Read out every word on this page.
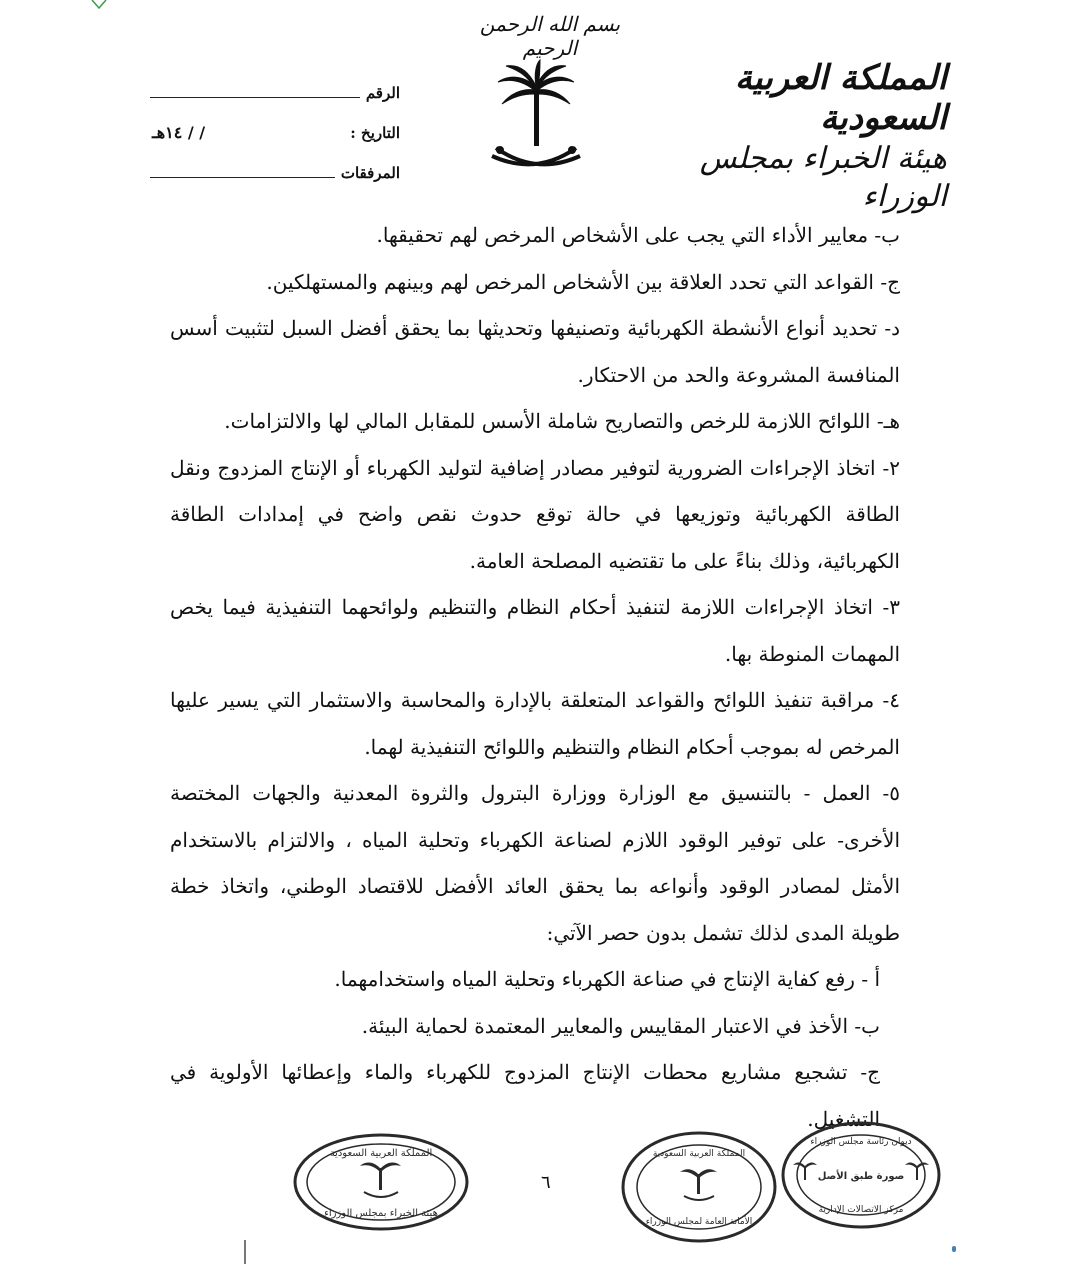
بسم الله الرحمن الرحيم
المملكة العربية السعودية
هيئة الخبراء بمجلس الوزراء
الرقم
التاريخ :
/ / ١٤هـ
المرفقات

ب- معايير الأداء التي يجب على الأشخاص المرخص لهم تحقيقها.

ج- القواعد التي تحدد العلاقة بين الأشخاص المرخص لهم وبينهم والمستهلكين.

د- تحديد أنواع الأنشطة الكهربائية وتصنيفها وتحديثها بما يحقق أفضل السبل لتثبيت أسس المنافسة المشروعة والحد من الاحتكار.

هـ- اللوائح اللازمة للرخص والتصاريح شاملة الأسس للمقابل المالي لها والالتزامات.

٢- اتخاذ الإجراءات الضرورية لتوفير مصادر إضافية لتوليد الكهرباء أو الإنتاج المزدوج ونقل الطاقة الكهربائية وتوزيعها في حالة توقع حدوث نقص واضح في إمدادات الطاقة الكهربائية، وذلك بناءً على ما تقتضيه المصلحة العامة.

٣- اتخاذ الإجراءات اللازمة لتنفيذ أحكام النظام والتنظيم ولوائحهما التنفيذية فيما يخص المهمات المنوطة بها.

٤- مراقبة تنفيذ اللوائح والقواعد المتعلقة بالإدارة والمحاسبة والاستثمار التي يسير عليها المرخص له بموجب أحكام النظام والتنظيم واللوائح التنفيذية لهما.

٥- العمل - بالتنسيق مع الوزارة ووزارة البترول والثروة المعدنية والجهات المختصة الأخرى- على توفير الوقود اللازم لصناعة الكهرباء وتحلية المياه ، والالتزام بالاستخدام الأمثل لمصادر الوقود وأنواعه بما يحقق العائد الأفضل للاقتصاد الوطني، واتخاذ خطة طويلة المدى لذلك تشمل بدون حصر الآتي:

أ - رفع كفاية الإنتاج في صناعة الكهرباء وتحلية المياه واستخدامهما.

ب- الأخذ في الاعتبار المقاييس والمعايير المعتمدة لحماية البيئة.

ج- تشجيع مشاريع محطات الإنتاج المزدوج للكهرباء والماء وإعطائها الأولوية في التشغيل.

المملكة العربية السعودية
هيئة الخبراء بمجلس الوزراء
٦
المملكة العربية السعودية
الأمانة العامة لمجلس الوزراء
ديوان رئاسة مجلس الوزراء
صورة طبق الأصل
مركز الاتصالات الإدارية
